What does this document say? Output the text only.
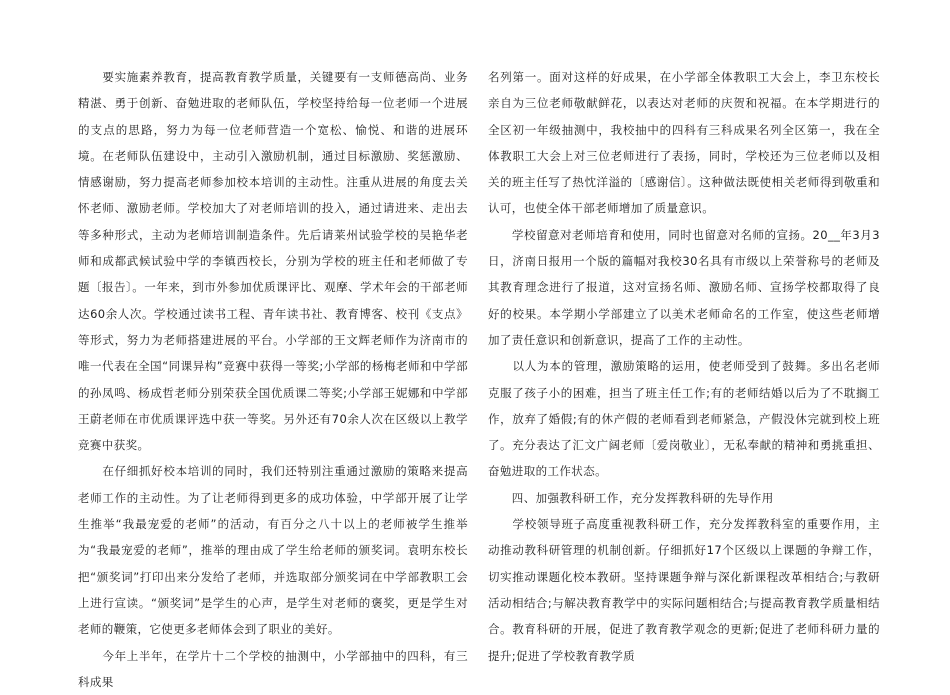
　　要实施素养教育，提高教育教学质量，关键要有一支师德高尚、业务精湛、勇于创新、奋勉进取的老师队伍，学校坚持给每一位老师一个进展的支点的思路，努力为每一位老师营造一个宽松、愉悦、和谐的进展环境。在老师队伍建设中，主动引入激励机制，通过目标激励、奖惩激励、情感谢励，努力提高老师参加校本培训的主动性。注重从进展的角度去关怀老师、激励老师。学校加大了对老师培训的投入，通过请进来、走出去等多种形式，主动为老师培训制造条件。先后请莱州试验学校的吴艳华老师和成都武候试验中学的李镇西校长，分别为学校的班主任和老师做了专题〔报告〕。一年来，到市外参加优质课评比、观摩、学术年会的干部老师达60余人次。学校通过读书工程、青年读书社、教育博客、校刊《支点》等形式，努力为老师搭建进展的平台。小学部的王文辉老师作为济南市的唯一代表在全国“同课异构”竞赛中获得一等奖;小学部的杨梅老师和中学部的孙凤鸣、杨成哲老师分别荣获全国优质课二等奖;小学部王妮娜和中学部王蔚老师在市优质课评选中获一等奖。另外还有70余人次在区级以上教学竞赛中获奖。

　　在仔细抓好校本培训的同时，我们还特别注重通过激励的策略来提高老师工作的主动性。为了让老师得到更多的成功体验，中学部开展了让学生推举“我最宠爱的老师”的活动，有百分之八十以上的老师被学生推举为“我最宠爱的老师”，推举的理由成了学生给老师的颁奖词。袁明东校长把“颁奖词”打印出来分发给了老师，并选取部分颁奖词在中学部教职工会上进行宣读。“颁奖词”是学生的心声，是学生对老师的褒奖，更是学生对老师的鞭策，它使更多老师体会到了职业的美好。

　　今年上半年，在学片十二个学校的抽测中，小学部抽中的四科，有三科成果

名列第一。面对这样的好成果，在小学部全体教职工大会上，李卫东校长亲自为三位老师敬献鲜花，以表达对老师的庆贺和祝福。在本学期进行的全区初一年级抽测中，我校抽中的四科有三科成果名列全区第一，我在全体教职工大会上对三位老师进行了表扬，同时，学校还为三位老师以及相关的班主任写了热忱洋溢的〔感谢信〕。这种做法既使相关老师得到敬重和认可，也使全体干部老师增加了质量意识。

　　学校留意对老师培育和使用，同时也留意对名师的宣扬。20__年3月3日，济南日报用一个版的篇幅对我校30名具有市级以上荣誉称号的老师及其教育理念进行了报道，这对宣扬名师、激励名师、宣扬学校都取得了良好的校果。本学期小学部建立了以美术老师命名的工作室，使这些老师增加了责任意识和创新意识，提高了工作的主动性。

　　以人为本的管理，激励策略的运用，使老师受到了鼓舞。多出名老师克服了孩子小的困难，担当了班主任工作;有的老师结婚以后为了不耽搁工作，放弃了婚假;有的休产假的老师看到老师紧急，产假没休完就到校上班了。充分表达了汇文广阔老师〔爱岗敬业〕，无私奉献的精神和勇挑重担、奋勉进取的工作状态。

　　四、加强教科研工作，充分发挥教科研的先导作用

　　学校领导班子高度重视教科研工作，充分发挥教科室的重要作用，主动推动教科研管理的机制创新。仔细抓好17个区级以上课题的争辩工作，切实推动课题化校本教研。坚持课题争辩与深化新课程改革相结合;与教研活动相结合;与解决教育教学中的实际问题相结合;与提高教育教学质量相结合。教育科研的开展，促进了教育教学观念的更新;促进了老师科研力量的提升;促进了学校教育教学质
